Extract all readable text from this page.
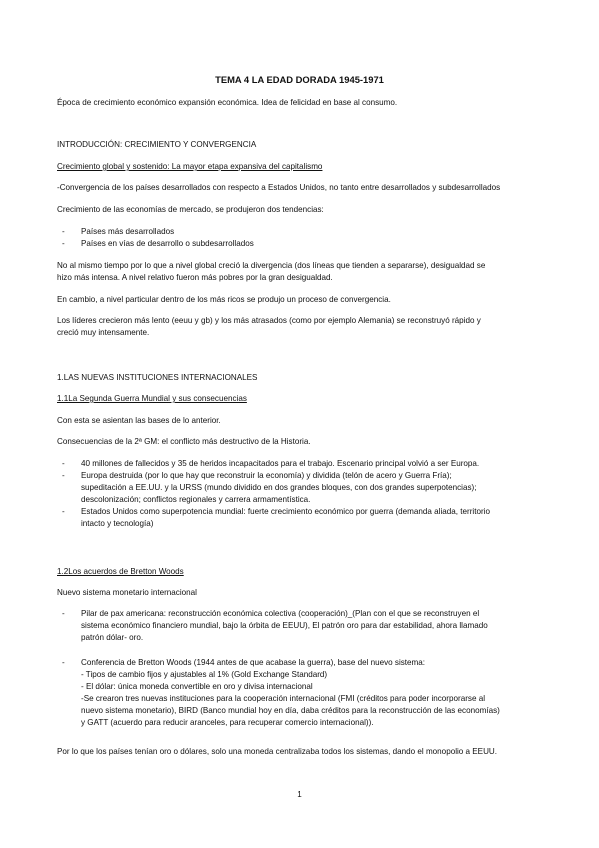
TEMA 4 LA EDAD DORADA 1945-1971

Época de crecimiento económico expansión económica. Idea de felicidad en base al consumo.

INTRODUCCIÓN: CRECIMIENTO Y CONVERGENCIA

Crecimiento global y sostenido: La mayor etapa expansiva del capitalismo

-Convergencia de los países desarrollados con respecto a Estados Unidos, no tanto entre desarrollados y subdesarrollados

Crecimiento de las economías de mercado, se produjeron dos tendencias:

- Países más desarrollados
- Países en vías de desarrollo o subdesarrollados
No al mismo tiempo por lo que a nivel global creció la divergencia (dos líneas que tienden a separarse), desigualdad se
hizo más intensa. A nivel relativo fueron más pobres por la gran desigualdad.

En cambio, a nivel particular dentro de los más ricos se produjo un proceso de convergencia.

Los líderes crecieron más lento (eeuu y gb) y los más atrasados (como por ejemplo Alemania) se reconstruyó rápido y
creció muy intensamente.

1.LAS NUEVAS INSTITUCIONES INTERNACIONALES

1.1La Segunda Guerra Mundial y sus consecuencias

Con esta se asientan las bases de lo anterior.

Consecuencias de la 2ª GM: el conflicto más destructivo de la Historia.

- 40 millones de fallecidos y 35 de heridos incapacitados para el trabajo. Escenario principal volvió a ser Europa.
- Europa destruida (por lo que hay que reconstruir la economía) y dividida (telón de acero y Guerra Fría);
supeditación a EE.UU. y la URSS (mundo dividido en dos grandes bloques, con dos grandes superpotencias);
descolonización; conflictos regionales y carrera armamentística.
- Estados Unidos como superpotencia mundial: fuerte crecimiento económico por guerra (demanda aliada, territorio
intacto y tecnología)

1.2Los acuerdos de Bretton Woods

Nuevo sistema monetario internacional

- Pilar de pax americana: reconstrucción económica colectiva (cooperación)_(Plan con el que se reconstruyen el
sistema económico financiero mundial, bajo la órbita de EEUU), El patrón oro para dar estabilidad, ahora llamado
patrón dólar- oro.
- Conferencia de Bretton Woods (1944 antes de que acabase la guerra), base del nuevo sistema:
- Tipos de cambio fijos y ajustables al 1% (Gold Exchange Standard)
- El dólar: única moneda convertible en oro y divisa internacional
-Se crearon tres nuevas instituciones para la cooperación internacional (FMI (créditos para poder incorporarse al
nuevo sistema monetario), BIRD (Banco mundial hoy en día, daba créditos para la reconstrucción de las economías)
y GATT (acuerdo para reducir aranceles, para recuperar comercio internacional)).

Por lo que los países tenían oro o dólares, solo una moneda centralizaba todos los sistemas, dando el monopolio a EEUU.

1
